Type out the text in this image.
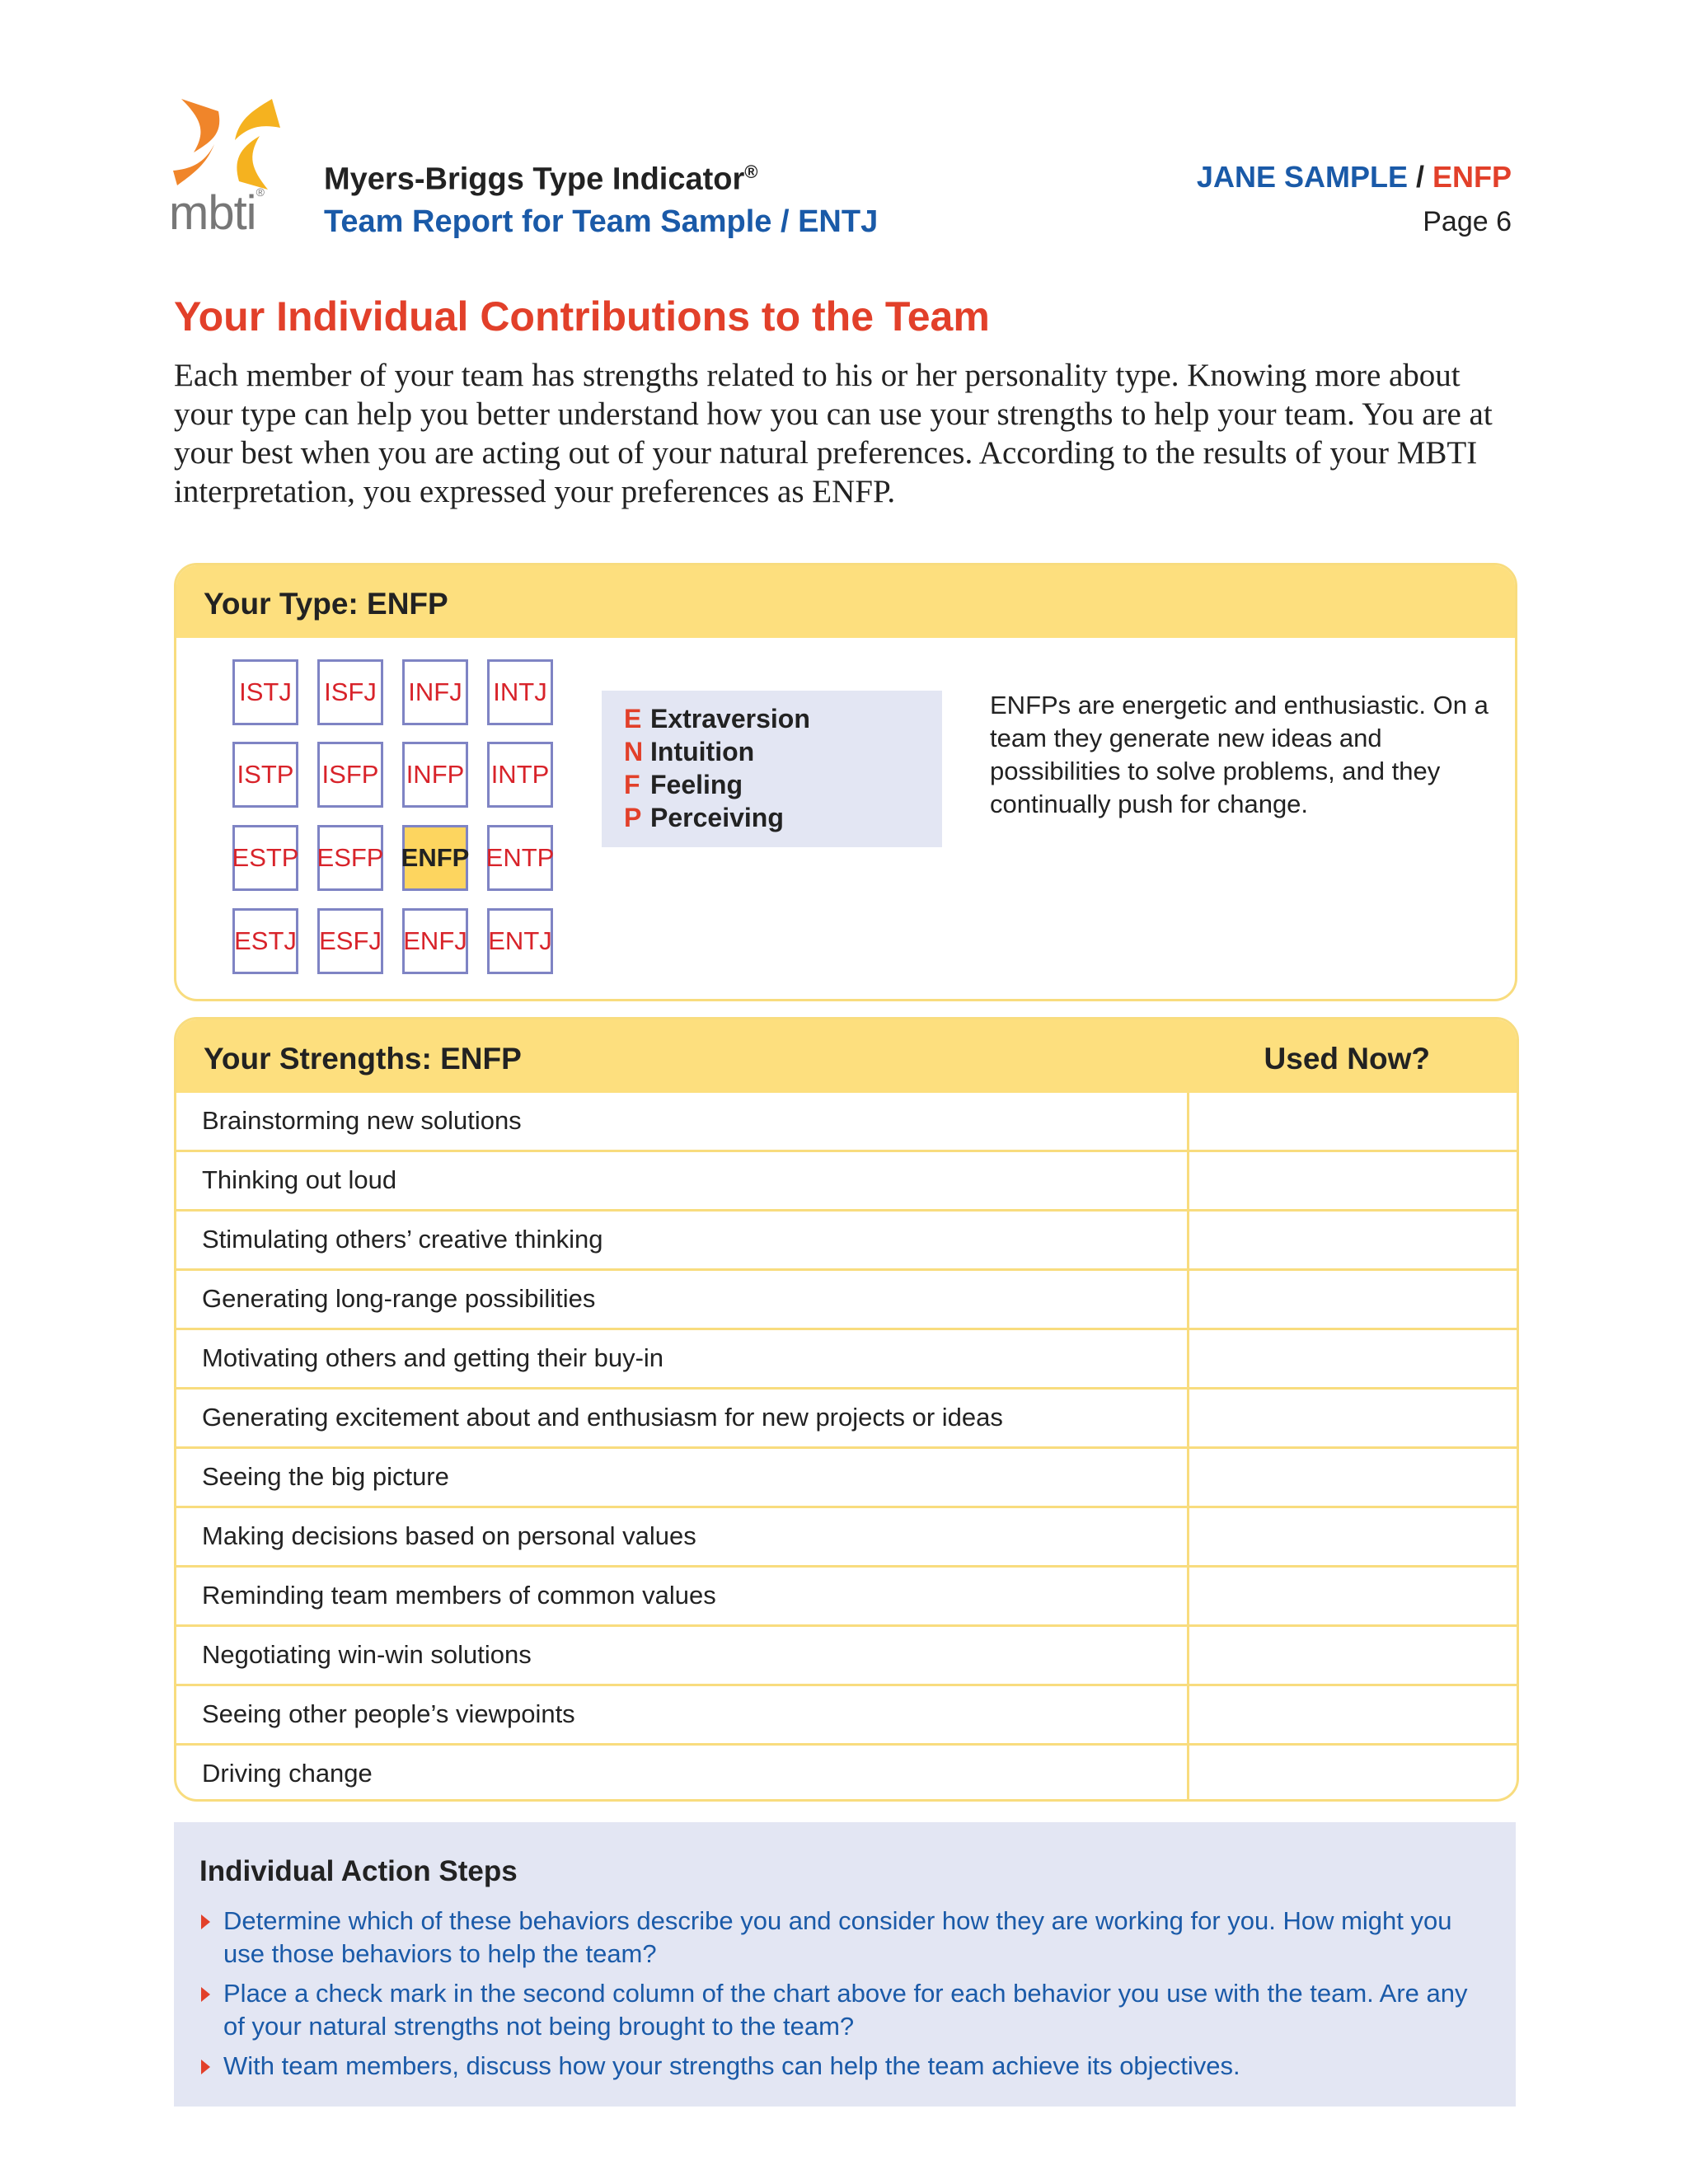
mbti® Myers-Briggs Type Indicator®
Team Report for Team Sample / ENTJ
JANE SAMPLE / ENFP
Page 6
Your Individual Contributions to the Team
Each member of your team has strengths related to his or her personality type. Knowing more about your type can help you better understand how you can use your strengths to help your team. You are at your best when you are acting out of your natural preferences. According to the results of your MBTI interpretation, you expressed your preferences as ENFP.
Your Type: ENFP
ISTJ ISFJ INFJ INTJ
ISTP ISFP INFP INTP
ESTP ESFP ENFP ENTP
ESTJ ESFJ ENFJ ENTJ
E Extraversion
N Intuition
F Feeling
P Perceiving
ENFPs are energetic and enthusiastic. On a team they generate new ideas and possibilities to solve problems, and they continually push for change.
Your Strengths: ENFP	Used Now?
Brainstorming new solutions
Thinking out loud
Stimulating others’ creative thinking
Generating long-range possibilities
Motivating others and getting their buy-in
Generating excitement about and enthusiasm for new projects or ideas
Seeing the big picture
Making decisions based on personal values
Reminding team members of common values
Negotiating win-win solutions
Seeing other people’s viewpoints
Driving change
Individual Action Steps
Determine which of these behaviors describe you and consider how they are working for you. How might you use those behaviors to help the team?
Place a check mark in the second column of the chart above for each behavior you use with the team. Are any of your natural strengths not being brought to the team?
With team members, discuss how your strengths can help the team achieve its objectives.
